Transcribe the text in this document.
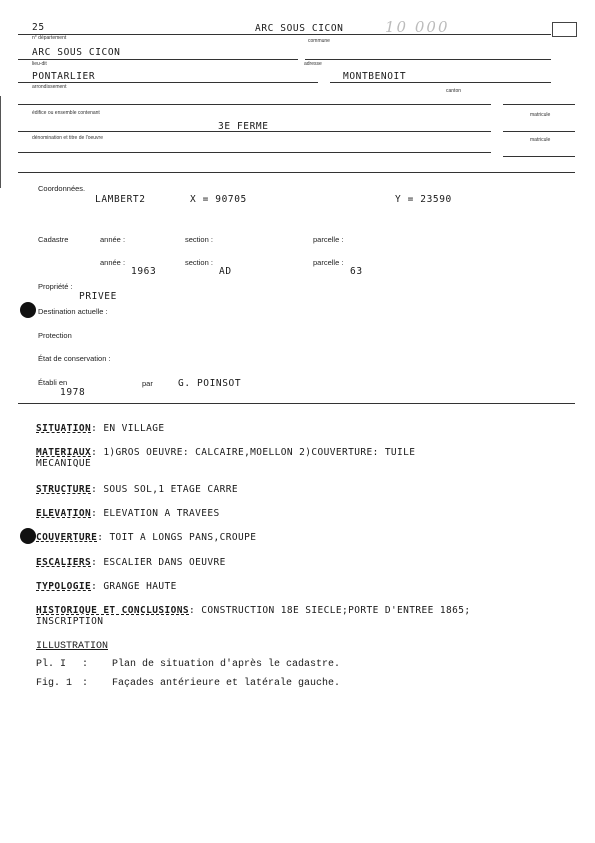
25	ARC SOUS CICON	10 000
n° département	commune
ARC SOUS CICON
lieu-dit	adresse
PONTARLIER	MONTBENOIT
arrondissement
canton
édifice ou ensemble contenant	matricule
3E FERME
dénomination et titre de l'oeuvre	matricule
Coordonnées.
LAMBERT2	X = 90705	Y = 23590
Cadastre	année :	section :	parcelle :
année :	section :	parcelle :
1963	AD	63
Propriété :
PRIVEE
Destination actuelle :
Protection
État de conservation :
Établi en
1978
par	G. POINSOT
SITUATION: EN VILLAGE
MATERIAUX: 1)GROS OEUVRE: CALCAIRE,MOELLON 2)COUVERTURE: TUILE
MECANIQUE
STRUCTURE: SOUS SOL,1 ETAGE CARRE
ELEVATION: ELEVATION A TRAVEES
COUVERTURE: TOIT A LONGS PANS,CROUPE
ESCALIERS: ESCALIER DANS OEUVRE
TYPOLOGIE: GRANGE HAUTE
HISTORIQUE ET CONCLUSIONS: CONSTRUCTION 18E SIECLE;PORTE D'ENTREE 1865;
INSCRIPTION
ILLUSTRATION
Pl. I : Plan de situation d'après le cadastre.
Fig. 1 : Façades antérieure et latérale gauche.
